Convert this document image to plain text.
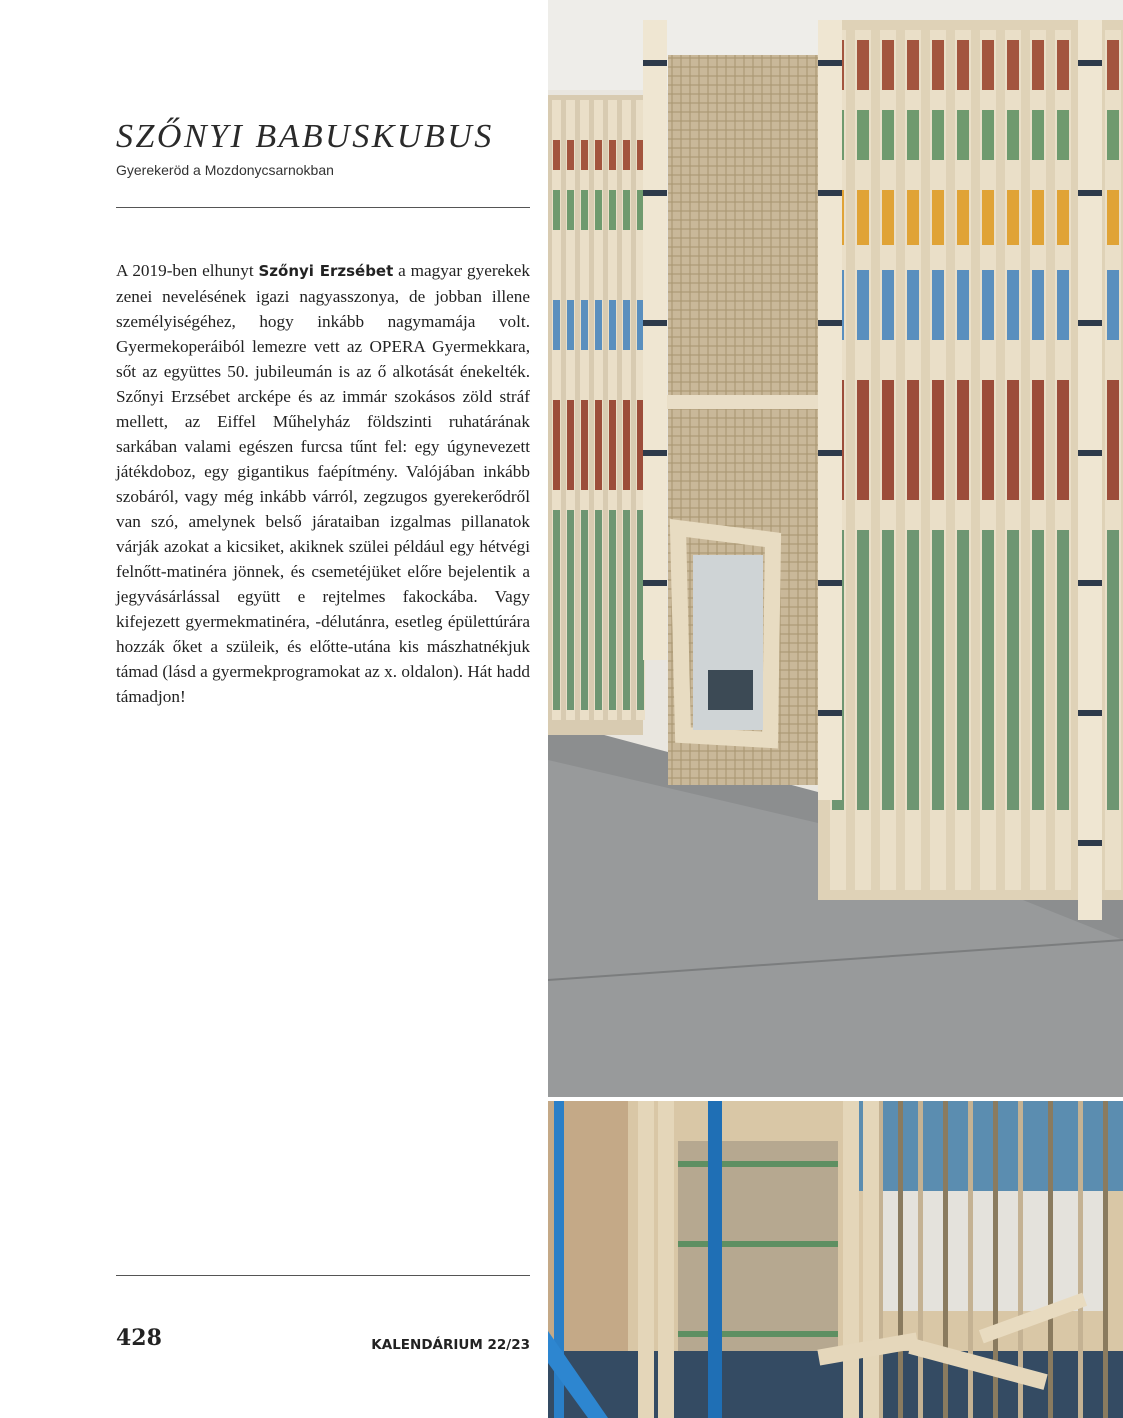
SZŐNYI BABUSKUBUS
Gyerekeröd a Mozdonycsarnokban

A 2019-ben elhunyt Szőnyi Erzsébet a magyar gyerekek zenei nevelésének igazi nagyasszonya, de jobban illene személyiségéhez, hogy inkább nagymamája volt. Gyermekoperáiból lemezre vett az OPERA Gyermekkara, sőt az együttes 50. jubileumán is az ő alkotását énekelték. Szőnyi Erzsébet arcképe és az immár szokásos zöld stráf mellett, az Eiffel Műhelyház földszinti ruhatárának sarkában valami egészen furcsa tűnt fel: egy úgynevezett játékdoboz, egy gigantikus faépítmény. Valójában inkább szobáról, vagy még inkább várról, zegzugos gyerekerődről van szó, amelynek belső járataiban izgalmas pillanatok várják azokat a kicsiket, akiknek szülei például egy hétvégi felnőtt-matinéra jönnek, és csemetéjüket előre bejelentik a jegyvásárlással együtt e rejtelmes fakockába. Vagy kifejezett gyermekmatinéra, -délutánra, esetleg épülettúrára hozzák őket a szüleik, és előtte-utána kis mászhatnékjuk támad (lásd a gyermekprogramokat az x. oldalon). Hát hadd támadjon!

428	KALENDÁRIUM 22/23
